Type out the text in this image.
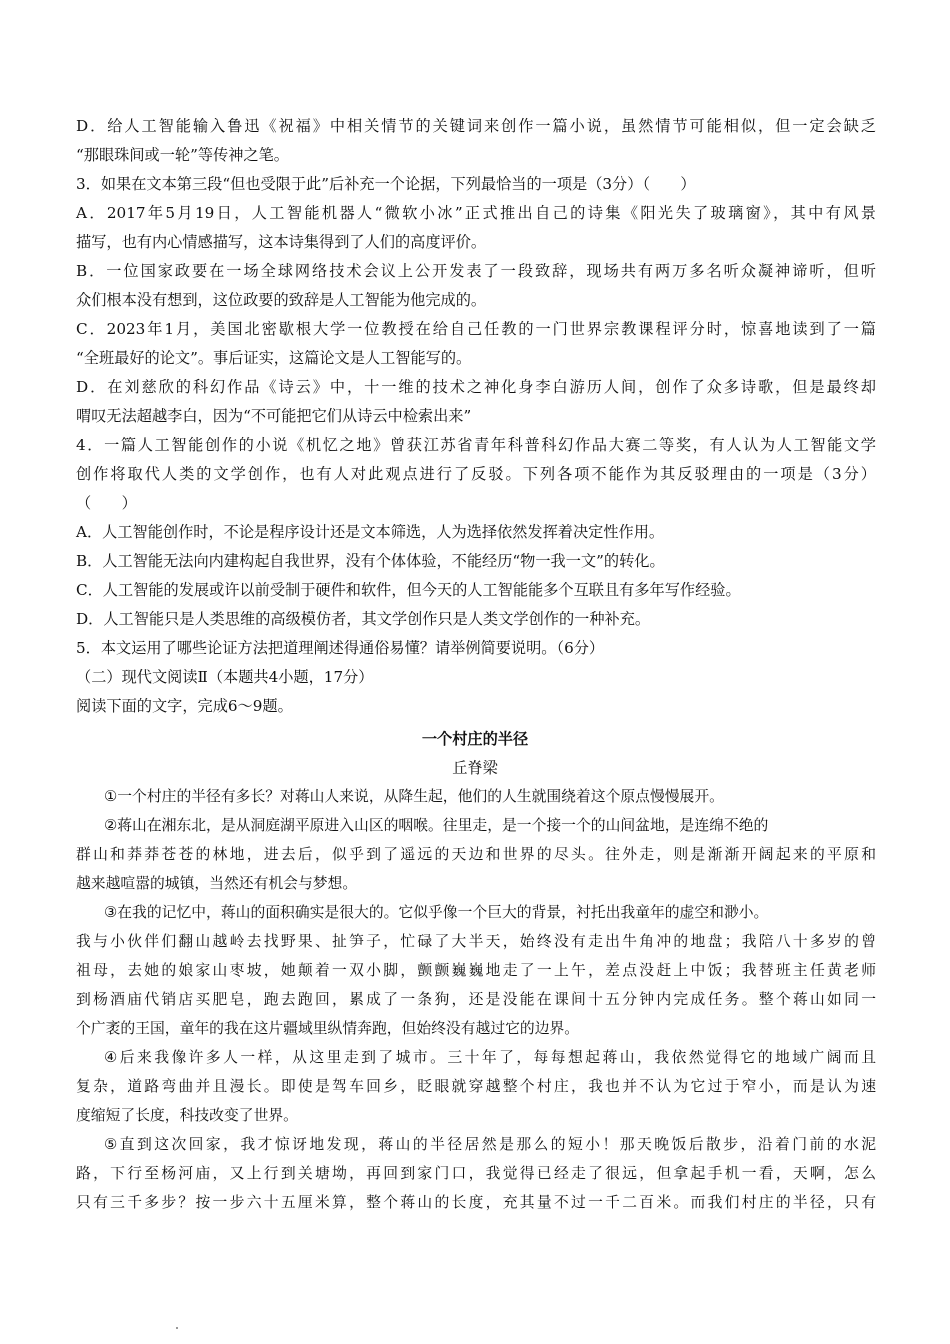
D．给人工智能输入鲁迅《祝福》中相关情节的关键词来创作一篇小说，虽然情节可能相似，但一定会缺乏
“那眼珠间或一轮”等传神之笔。
3．如果在文本第三段“但也受限于此”后补充一个论据，下列最恰当的一项是（3分）（　　）
A．2017年5月19日，人工智能机器人“微软小冰”正式推出自己的诗集《阳光失了玻璃窗》，其中有风景
描写，也有内心情感描写，这本诗集得到了人们的高度评价。
B．一位国家政要在一场全球网络技术会议上公开发表了一段致辞，现场共有两万多名听众凝神谛听，但听
众们根本没有想到，这位政要的致辞是人工智能为他完成的。
C．2023年1月，美国北密歇根大学一位教授在给自己任教的一门世界宗教课程评分时，惊喜地读到了一篇
“全班最好的论文”。事后证实，这篇论文是人工智能写的。
D．在刘慈欣的科幻作品《诗云》中，十一维的技术之神化身李白游历人间，创作了众多诗歌，但是最终却
喟叹无法超越李白，因为“不可能把它们从诗云中检索出来”
4．一篇人工智能创作的小说《机忆之地》曾获江苏省青年科普科幻作品大赛二等奖，有人认为人工智能文学
创作将取代人类的文学创作，也有人对此观点进行了反驳。下列各项不能作为其反驳理由的一项是（3分）
（　　）
A．人工智能创作时，不论是程序设计还是文本筛选，人为选择依然发挥着决定性作用。
B．人工智能无法向内建构起自我世界，没有个体体验，不能经历“物一我一文”的转化。
C．人工智能的发展或许以前受制于硬件和软件，但今天的人工智能能多个互联且有多年写作经验。
D．人工智能只是人类思维的高级模仿者，其文学创作只是人类文学创作的一种补充。
5．本文运用了哪些论证方法把道理阐述得通俗易懂？请举例简要说明。（6分）
（二）现代文阅读Ⅱ（本题共4小题，17分）
阅读下面的文字，完成6～9题。
一个村庄的半径
丘脊梁
①一个村庄的半径有多长？对蒋山人来说，从降生起，他们的人生就围绕着这个原点慢慢展开。
②蒋山在湘东北，是从洞庭湖平原进入山区的咽喉。往里走，是一个接一个的山间盆地，是连绵不绝的
群山和莽莽苍苍的林地，进去后，似乎到了遥远的天边和世界的尽头。往外走，则是渐渐开阔起来的平原和
越来越喧嚣的城镇，当然还有机会与梦想。
③在我的记忆中，蒋山的面积确实是很大的。它似乎像一个巨大的背景，衬托出我童年的虚空和渺小。
我与小伙伴们翻山越岭去找野果、扯笋子，忙碌了大半天，始终没有走出牛角冲的地盘；我陪八十多岁的曾
祖母，去她的娘家山枣坡，她颠着一双小脚，颤颤巍巍地走了一上午，差点没赶上中饭；我替班主任黄老师
到杨酒庙代销店买肥皂，跑去跑回，累成了一条狗，还是没能在课间十五分钟内完成任务。整个蒋山如同一
个广袤的王国，童年的我在这片疆域里纵情奔跑，但始终没有越过它的边界。
④后来我像许多人一样，从这里走到了城市。三十年了，每每想起蒋山，我依然觉得它的地域广阔而且
复杂，道路弯曲并且漫长。即使是驾车回乡，眨眼就穿越整个村庄，我也并不认为它过于窄小，而是认为速
度缩短了长度，科技改变了世界。
⑤直到这次回家，我才惊讶地发现，蒋山的半径居然是那么的短小！那天晚饭后散步，沿着门前的水泥
路，下行至杨河庙，又上行到关塘坳，再回到家门口，我觉得已经走了很远，但拿起手机一看，天啊，怎么
只有三千多步？按一步六十五厘米算，整个蒋山的长度，充其量不过一千二百米。而我们村庄的半径，只有
